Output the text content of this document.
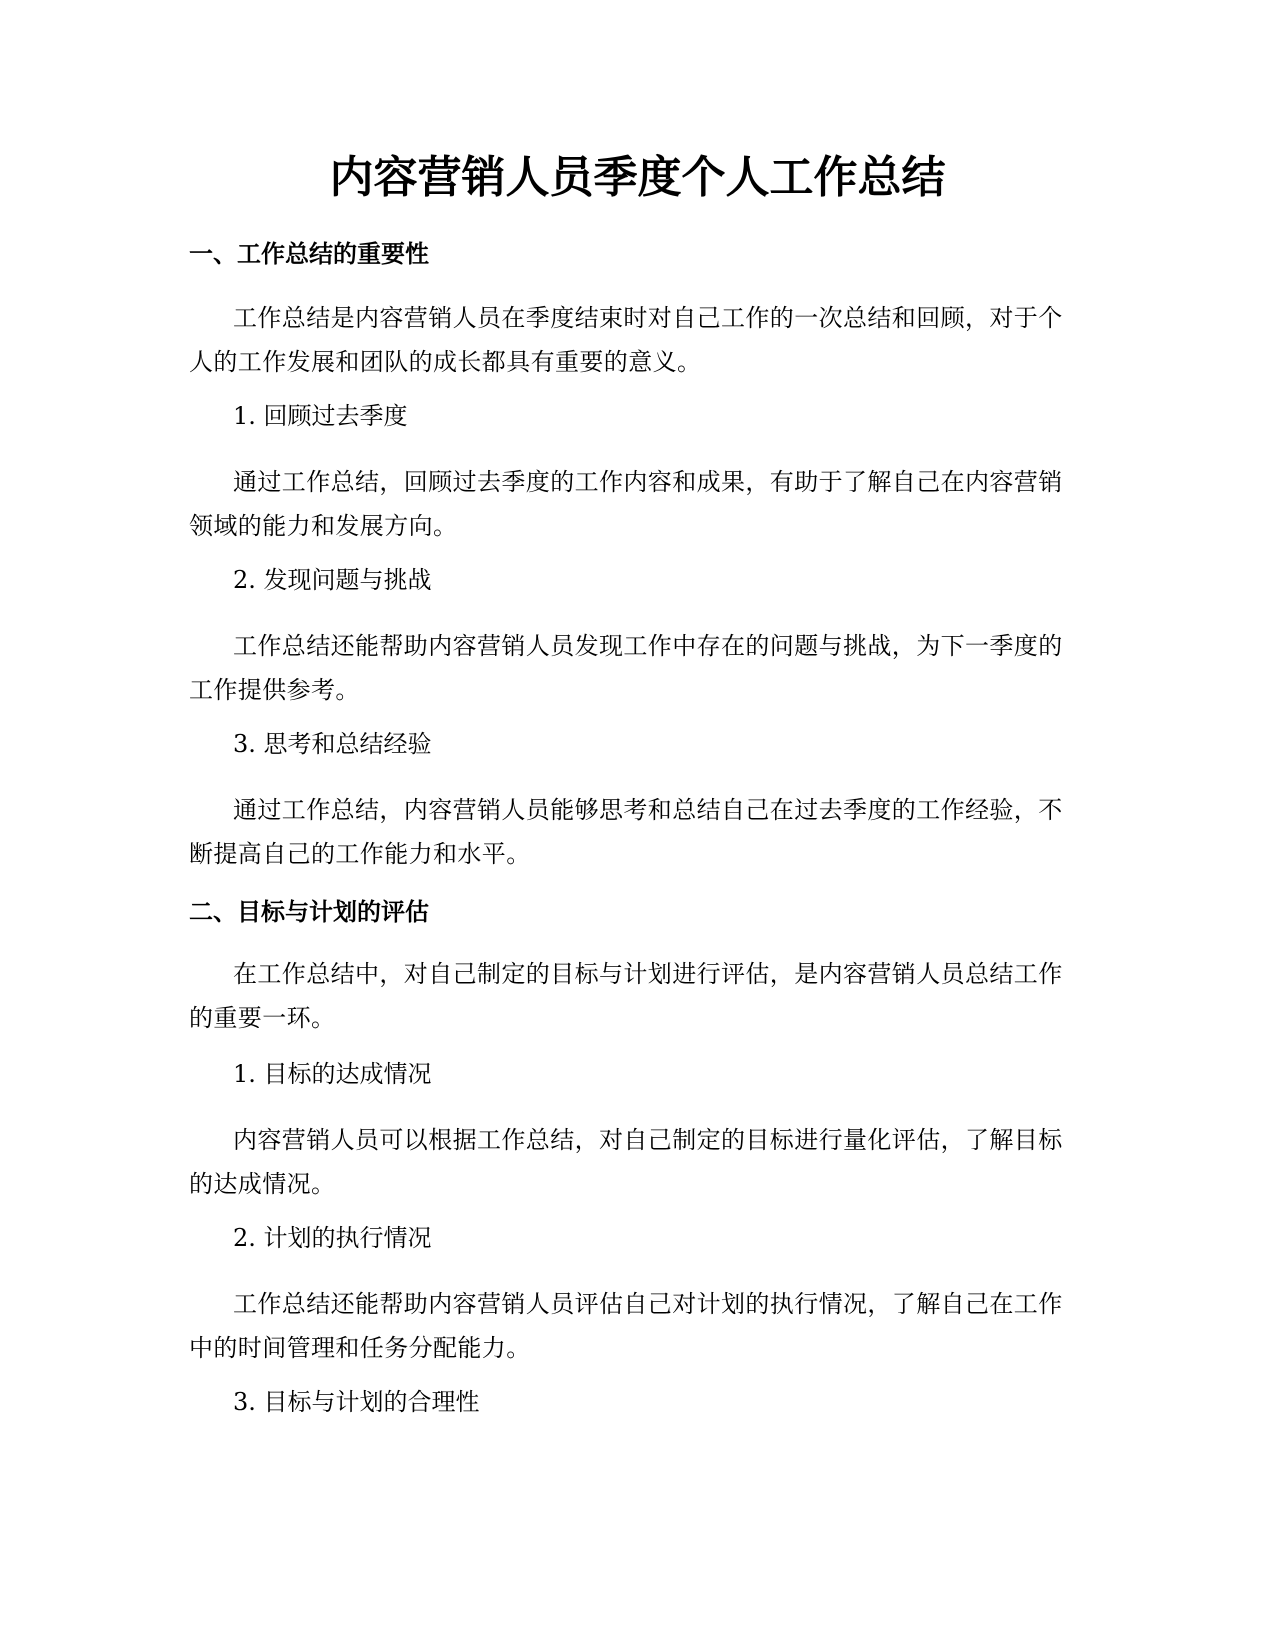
内容营销人员季度个人工作总结
一、工作总结的重要性

工作总结是内容营销人员在季度结束时对自己工作的一次总结和回顾，对于个人的工作发展和团队的成长都具有重要的意义。

1. 回顾过去季度

通过工作总结，回顾过去季度的工作内容和成果，有助于了解自己在内容营销领域的能力和发展方向。

2. 发现问题与挑战

工作总结还能帮助内容营销人员发现工作中存在的问题与挑战，为下一季度的工作提供参考。

3. 思考和总结经验

通过工作总结，内容营销人员能够思考和总结自己在过去季度的工作经验，不断提高自己的工作能力和水平。

二、目标与计划的评估

在工作总结中，对自己制定的目标与计划进行评估，是内容营销人员总结工作的重要一环。

1. 目标的达成情况

内容营销人员可以根据工作总结，对自己制定的目标进行量化评估，了解目标的达成情况。

2. 计划的执行情况

工作总结还能帮助内容营销人员评估自己对计划的执行情况，了解自己在工作中的时间管理和任务分配能力。

3. 目标与计划的合理性
